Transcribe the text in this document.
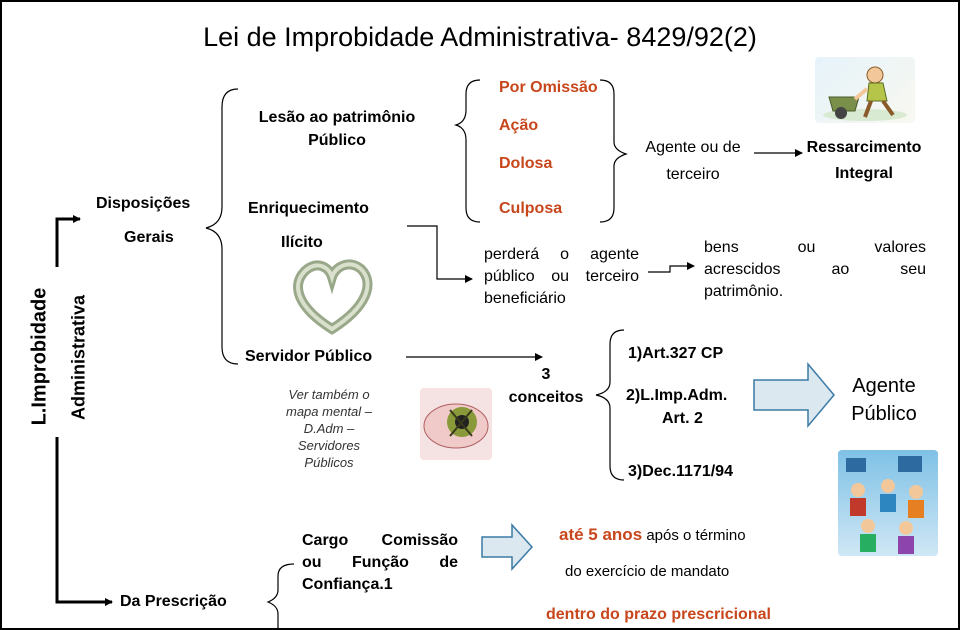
Lei de Improbidade Administrativa- 8429/92(2)
L.Improbidade Administrativa
Disposições
Gerais
Da Prescrição
Lesão ao patrimônio
Público
Enriquecimento
Ilícito
Servidor Público
Por Omissão
Ação
Dolosa
Culposa
Agente ou de
terceiro
Ressarcimento
Integral
perderá o agente
público ou terceiro
beneficiário
bens ou valores
acrescidos ao seu
patrimônio.
3
conceitos
1)Art.327 CP
2)L.Imp.Adm.
Art. 2
3)Dec.1171/94
Agente
Público
Ver também o
mapa mental –
D.Adm –
Servidores
Públicos
Cargo Comissão
ou Função de
Confiança.1
até 5 anos após o término
do exercício de mandato
dentro do prazo prescricional
